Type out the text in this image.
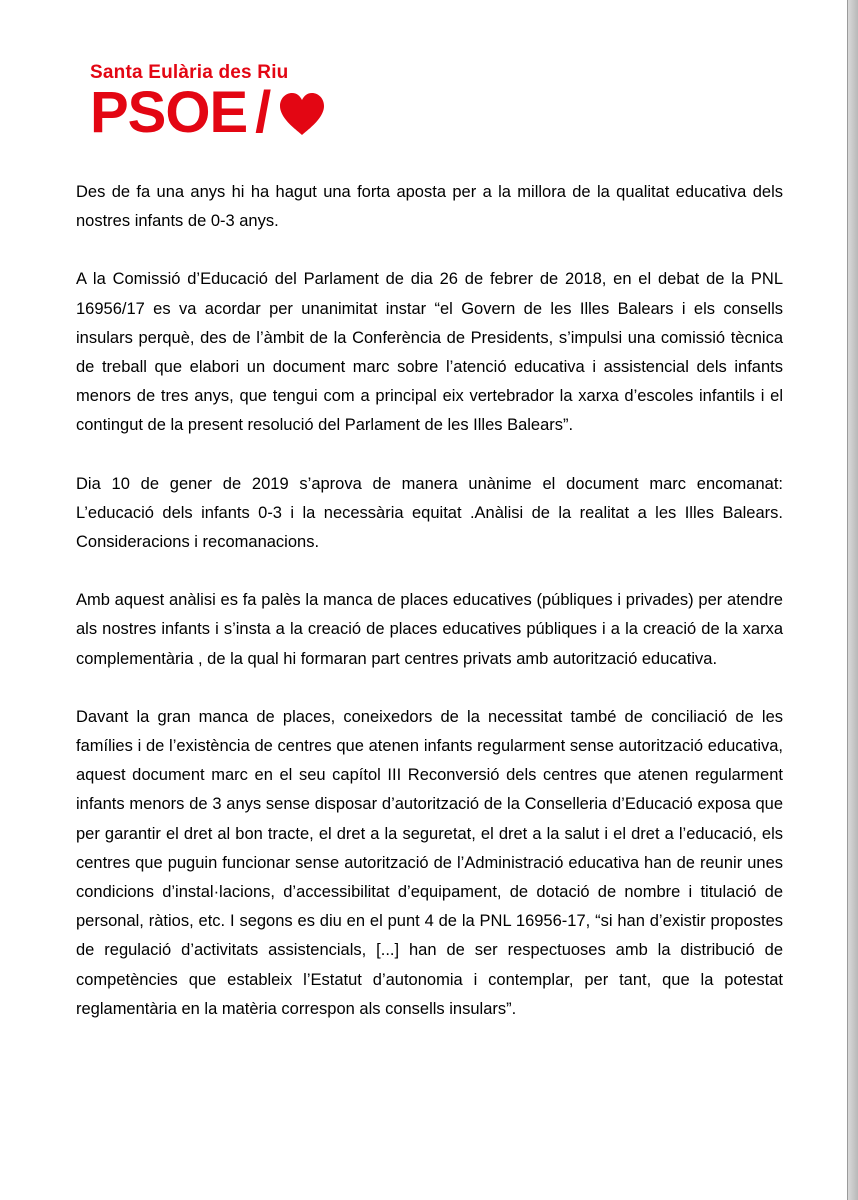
Santa Eulària des Riu
PSOE /

Des de fa una anys hi ha hagut una forta aposta per a la millora de la qualitat educativa dels nostres infants de 0-3 anys.

A la Comissió d’Educació del Parlament de dia 26 de febrer de 2018, en el debat de la PNL 16956/17 es va acordar per unanimitat instar “el Govern de les Illes Balears i els consells insulars perquè, des de l’àmbit de la Conferència de Presidents, s’impulsi una comissió tècnica de treball que elabori un document marc sobre l’atenció educativa i assistencial dels infants menors de tres anys, que tengui com a principal eix vertebrador la xarxa d’escoles infantils i el contingut de la present resolució del Parlament de les Illes Balears”.

Dia 10 de gener de 2019 s’aprova de manera unànime el document marc encomanat: L’educació dels infants 0-3 i la necessària equitat .Anàlisi de la realitat a les Illes Balears. Consideracions i recomanacions.

Amb aquest anàlisi es fa palès la manca de places educatives (públiques i privades) per atendre als nostres infants i s’insta a la creació de places educatives públiques i a la creació de la xarxa complementària , de la qual hi formaran part centres privats amb autorització educativa.

Davant la gran manca de places, coneixedors de la necessitat també de conciliació de les famílies i de l’existència de centres que atenen infants regularment sense autorització educativa, aquest document marc en el seu capítol III Reconversió dels centres que atenen regularment infants menors de 3 anys sense disposar d’autorització de la Conselleria d’Educació exposa que per garantir el dret al bon tracte, el dret a la seguretat, el dret a la salut i el dret a l’educació, els centres que puguin funcionar sense autorització de l’Administració educativa han de reunir unes condicions d’instal·lacions, d’accessibilitat d’equipament, de dotació de nombre i titulació de personal, ràtios, etc. I segons es diu en el punt 4 de la PNL 16956-17, “si han d’existir propostes de regulació d’activitats assistencials, [...] han de ser respectuoses amb la distribució de competències que estableix l’Estatut d’autonomia i contemplar, per tant, que la potestat reglamentària en la matèria correspon als consells insulars”.
